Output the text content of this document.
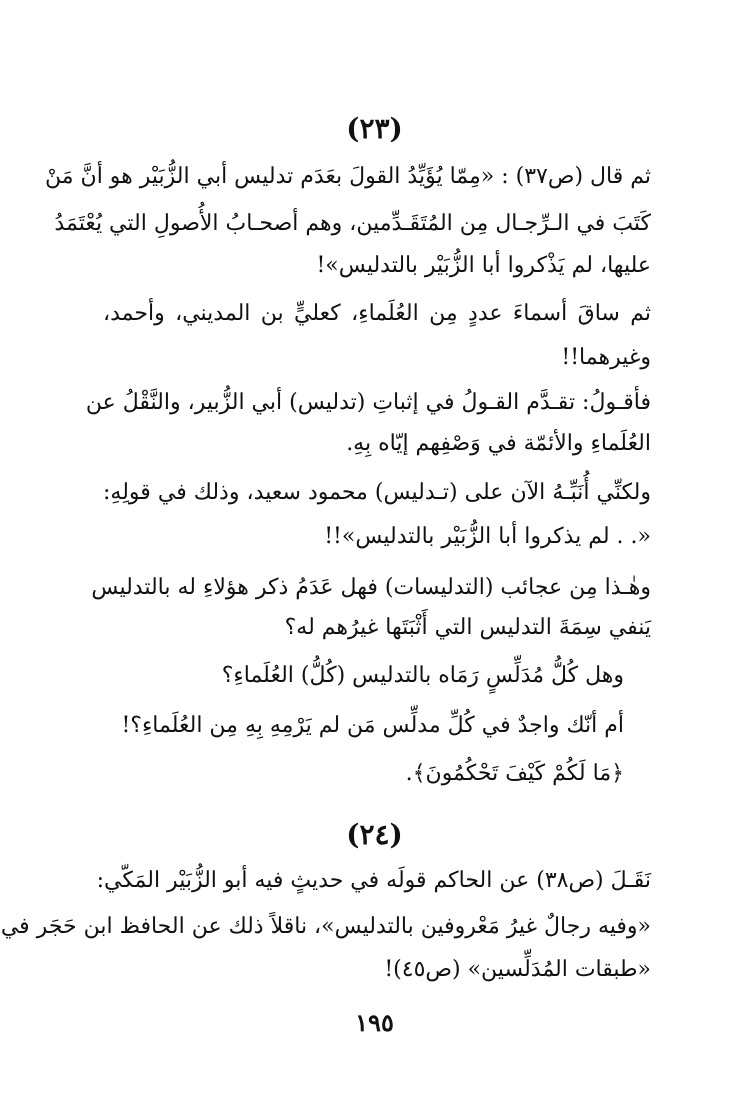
(٢٣)
ثم قال (ص٣٧) : «مِمّا يُؤَيِّدُ القولَ بعَدَم تدليس أبي الزُّبَيْر هو أنَّ مَنْ
كَتَبَ في الـرِّجـال مِن المُتَقَـدِّمين، وهم أصحـابُ الأُصولِ التي يُعْتَمَدُ
عليها، لم يَذْكروا أبا الزُّبَيْر بالتدليس»!
ثم ساقَ أسماءَ عددٍ مِن العُلَماءِ، كعليٍّ بن المديني، وأحمد،
وغيرهما!!
فأقـولُ: تقـدَّم القـولُ في إثباتِ (تدليس) أبي الزُّبير، والنَّقْلُ عن
العُلَماءِ والأئمّة في وَصْفِهم إيّاه بِهِ.
ولكنِّي أُنَبِّـهُ الآن على (تـدليس) محمود سعيد، وذلك في قولِهِ:
«. . لم يذكروا أبا الزُّبَيْر بالتدليس»!!
وهٰـذا مِن عجائب (التدليسات) فهل عَدَمُ ذكر هؤلاءِ له بالتدليس
يَنفي سِمَةَ التدليس التي أَثْبَتَها غيرُهم له؟
وهل كُلُّ مُدَلِّسٍ رَمَاه بالتدليس (كُلُّ) العُلَماءِ؟
أم أنّك واجدٌ في كُلِّ مدلِّس مَن لم يَرْمِهِ بِهِ مِن العُلَماءِ؟!
﴿مَا لَكُمْ كَيْفَ تَحْكُمُونَ﴾.
(٢٤)
نَقَـلَ (ص٣٨) عن الحاكم قولَه في حديثٍ فيه أبو الزُّبَيْر المَكّي:
«وفيه رجالٌ غيرُ مَعْروفين بالتدليس»، ناقلاً ذلك عن الحافظ ابن حَجَر في
«طبقات المُدَلِّسين» (ص٤٥)!
١٩٥
